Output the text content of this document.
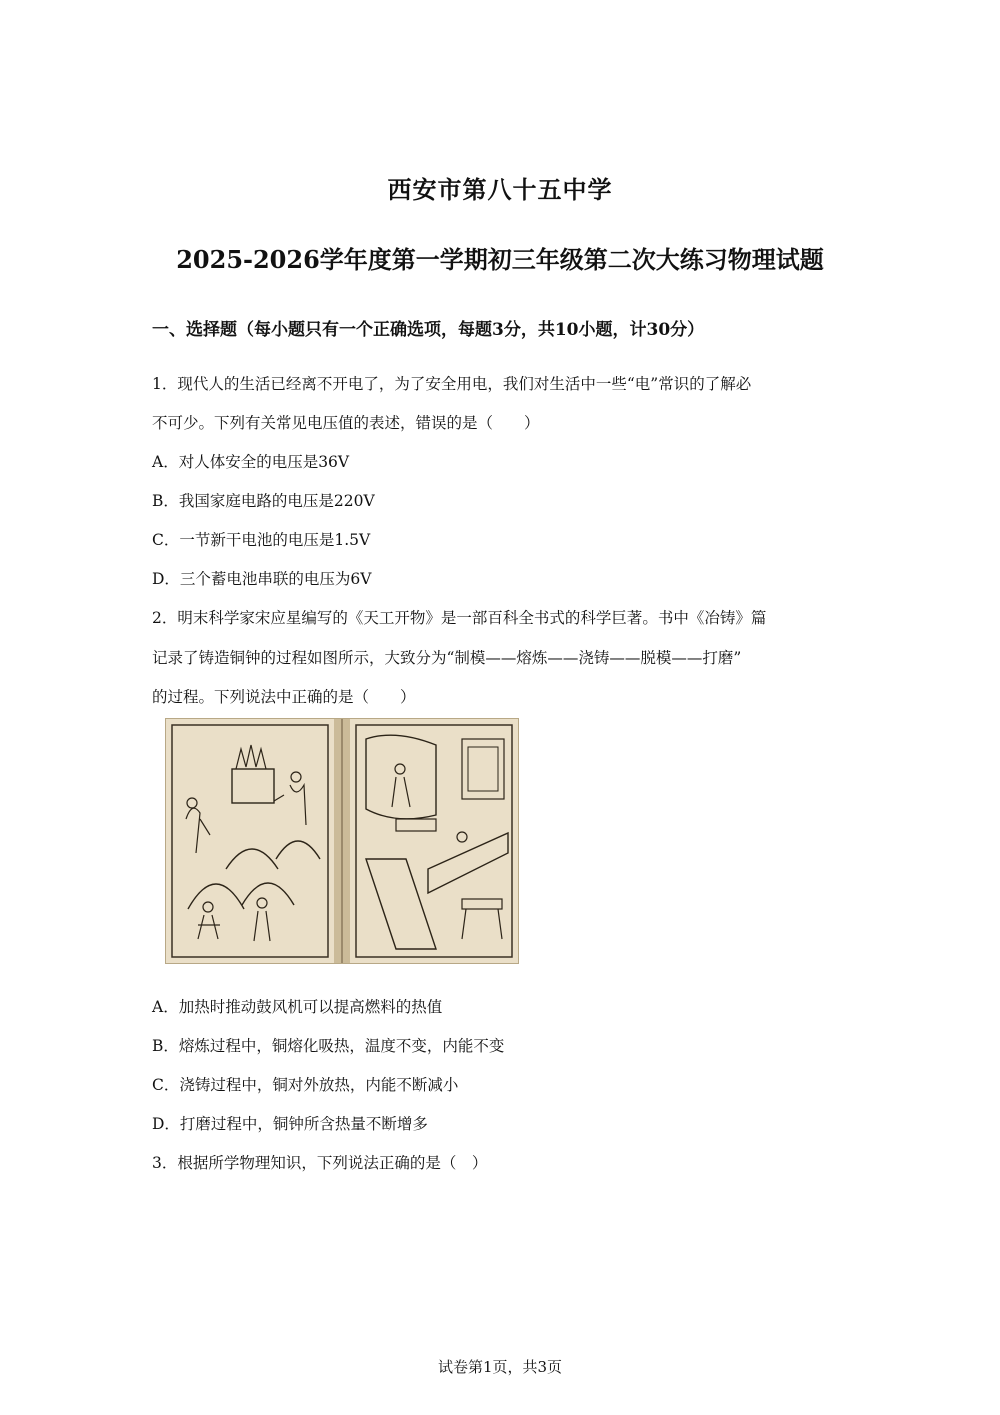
西安市第八十五中学
2025-2026学年度第一学期初三年级第二次大练习物理试题
一、选择题（每小题只有一个正确选项，每题3分，共10小题，计30分）
1．现代人的生活已经离不开电了，为了安全用电，我们对生活中一些“电”常识的了解必
不可少。下列有关常见电压值的表述，错误的是（　　）
A．对人体安全的电压是36V
B．我国家庭电路的电压是220V
C．一节新干电池的电压是1.5V
D．三个蓄电池串联的电压为6V
2．明末科学家宋应星编写的《天工开物》是一部百科全书式的科学巨著。书中《冶铸》篇
记录了铸造铜钟的过程如图所示，大致分为“制模——熔炼——浇铸——脱模——打磨”
的过程。下列说法中正确的是（　　）
A．加热时推动鼓风机可以提高燃料的热值
B．熔炼过程中，铜熔化吸热，温度不变，内能不变
C．浇铸过程中，铜对外放热，内能不断减小
D．打磨过程中，铜钟所含热量不断增多
3．根据所学物理知识，下列说法正确的是（　）
试卷第1页，共3页
